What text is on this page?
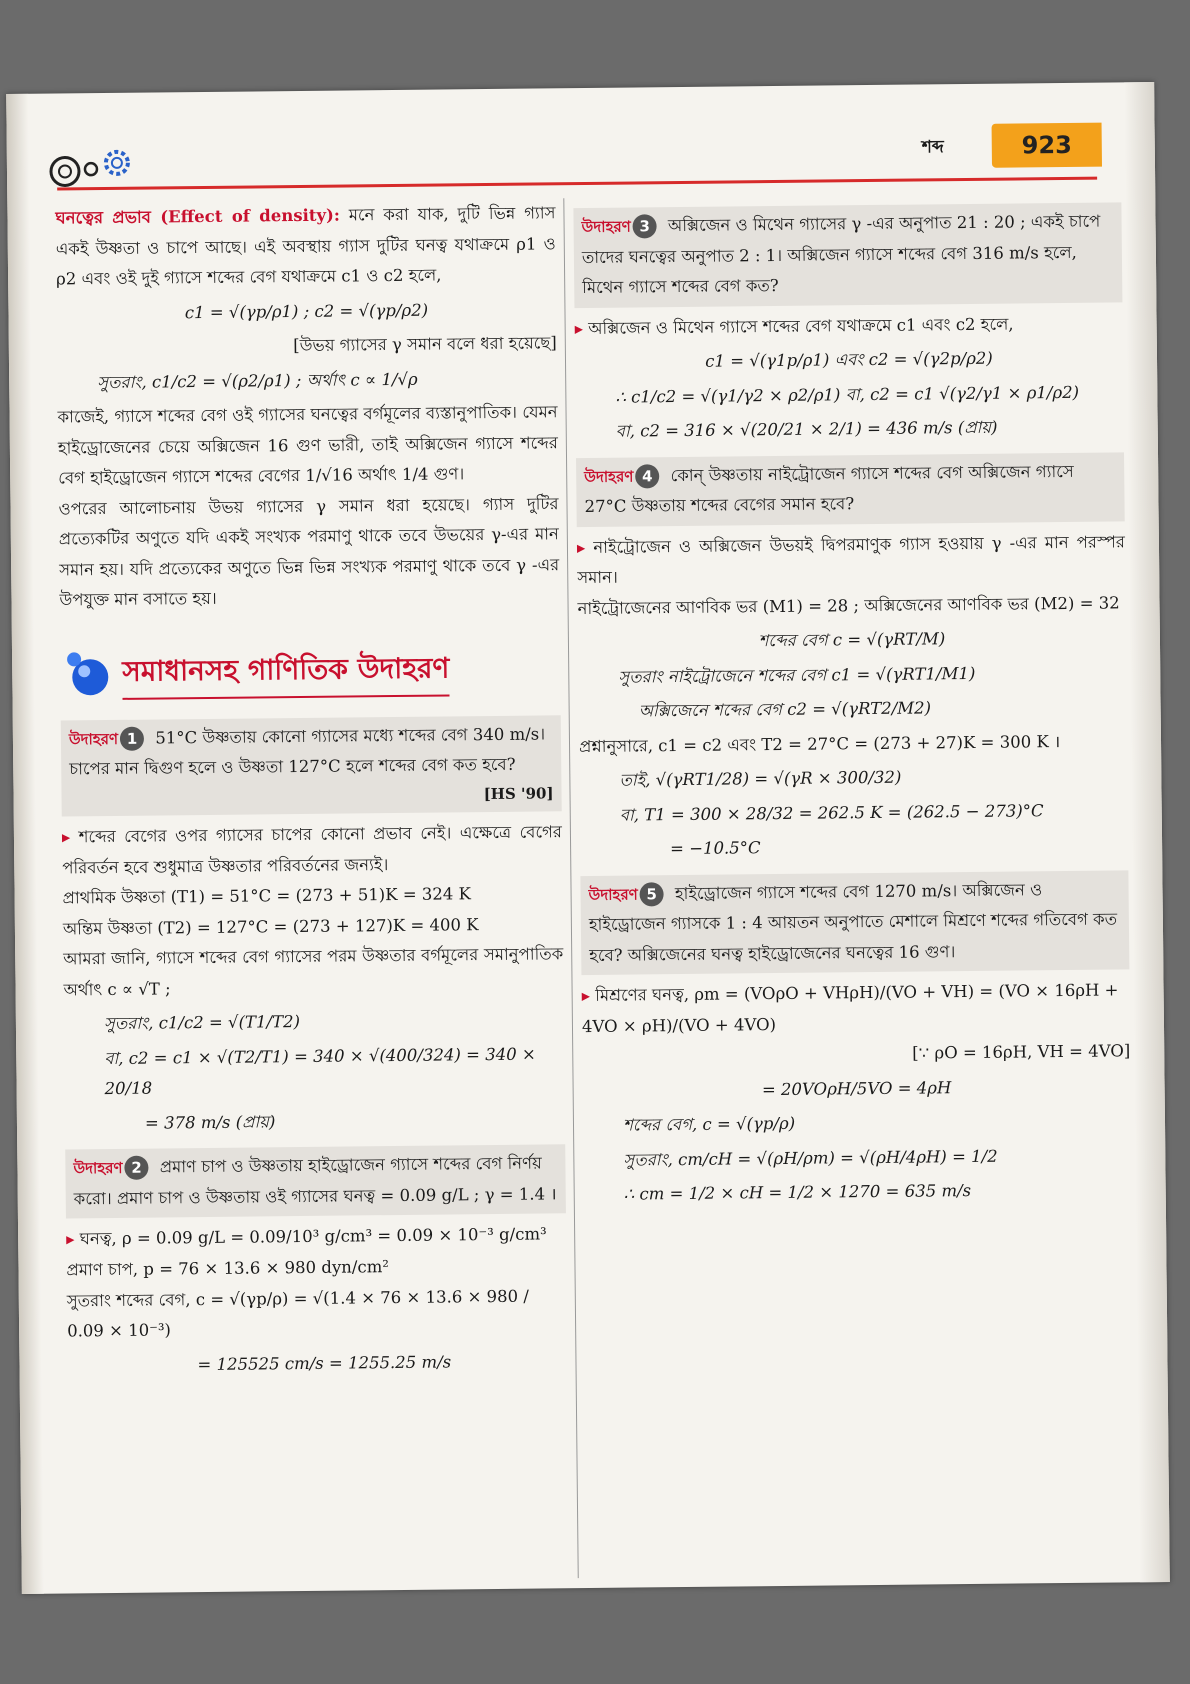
শব্দ	923

ঘনত্বের প্রভাব (Effect of density): মনে করা যাক, দুটি ভিন্ন গ্যাস একই উষ্ণতা ও চাপে আছে। এই অবস্থায় গ্যাস দুটির ঘনত্ব যথাক্রমে ρ1 ও ρ2 এবং ওই দুই গ্যাসে শব্দের বেগ যথাক্রমে c1 ও c2 হলে,

c1 = √(γp/ρ1) ; c2 = √(γp/ρ2)

[উভয় গ্যাসের γ সমান বলে ধরা হয়েছে]

সুতরাং, c1/c2 = √(ρ2/ρ1) ; অর্থাৎ c ∝ 1/√ρ

কাজেই, গ্যাসে শব্দের বেগ ওই গ্যাসের ঘনত্বের বর্গমূলের ব্যস্তানুপাতিক। যেমন হাইড্রোজেনের চেয়ে অক্সিজেন 16 গুণ ভারী, তাই অক্সিজেন গ্যাসে শব্দের বেগ হাইড্রোজেন গ্যাসে শব্দের বেগের 1/√16 অর্থাৎ 1/4 গুণ।

ওপরের আলোচনায় উভয় গ্যাসের γ সমান ধরা হয়েছে। গ্যাস দুটির প্রত্যেকটির অণুতে যদি একই সংখ্যক পরমাণু থাকে তবে উভয়ের γ-এর মান সমান হয়। যদি প্রত্যেকের অণুতে ভিন্ন ভিন্ন সংখ্যক পরমাণু থাকে তবে γ -এর উপযুক্ত মান বসাতে হয়।

সমাধানসহ গাণিতিক উদাহরণ
উদাহরণ 1 51°C উষ্ণতায় কোনো গ্যাসের মধ্যে শব্দের বেগ 340 m/s। চাপের মান দ্বিগুণ হলে ও উষ্ণতা 127°C হলে শব্দের বেগ কত হবে?
[HS '90]

▸ শব্দের বেগের ওপর গ্যাসের চাপের কোনো প্রভাব নেই। এক্ষেত্রে বেগের পরিবর্তন হবে শুধুমাত্র উষ্ণতার পরিবর্তনের জন্যই।

প্রাথমিক উষ্ণতা (T1) = 51°C = (273 + 51)K = 324 K

অন্তিম উষ্ণতা (T2) = 127°C = (273 + 127)K = 400 K

আমরা জানি, গ্যাসে শব্দের বেগ গ্যাসের পরম উষ্ণতার বর্গমূলের সমানুপাতিক অর্থাৎ c ∝ √T ;

সুতরাং, c1/c2 = √(T1/T2)

বা, c2 = c1 × √(T2/T1) = 340 × √(400/324) = 340 × 20/18

= 378 m/s (প্রায়)

উদাহরণ 2 প্রমাণ চাপ ও উষ্ণতায় হাইড্রোজেন গ্যাসে শব্দের বেগ নির্ণয় করো। প্রমাণ চাপ ও উষ্ণতায় ওই গ্যাসের ঘনত্ব = 0.09 g/L ; γ = 1.4 ।

▸ ঘনত্ব, ρ = 0.09 g/L = 0.09/10³ g/cm³ = 0.09 × 10⁻³ g/cm³

প্রমাণ চাপ, p = 76 × 13.6 × 980 dyn/cm²

সুতরাং শব্দের বেগ, c = √(γp/ρ) = √(1.4 × 76 × 13.6 × 980 / 0.09 × 10⁻³)

= 125525 cm/s = 1255.25 m/s

উদাহরণ 3 অক্সিজেন ও মিথেন গ্যাসের γ -এর অনুপাত 21 : 20 ; একই চাপে তাদের ঘনত্বের অনুপাত 2 : 1। অক্সিজেন গ্যাসে শব্দের বেগ 316 m/s হলে, মিথেন গ্যাসে শব্দের বেগ কত?

▸ অক্সিজেন ও মিথেন গ্যাসে শব্দের বেগ যথাক্রমে c1 এবং c2 হলে,

c1 = √(γ1p/ρ1) এবং c2 = √(γ2p/ρ2)

∴ c1/c2 = √(γ1/γ2 × ρ2/ρ1) বা, c2 = c1 √(γ2/γ1 × ρ1/ρ2)

বা, c2 = 316 × √(20/21 × 2/1) = 436 m/s (প্রায়)

উদাহরণ 4 কোন্ উষ্ণতায় নাইট্রোজেন গ্যাসে শব্দের বেগ অক্সিজেন গ্যাসে 27°C উষ্ণতায় শব্দের বেগের সমান হবে?

▸ নাইট্রোজেন ও অক্সিজেন উভয়ই দ্বিপরমাণুক গ্যাস হওয়ায় γ -এর মান পরস্পর সমান।

নাইট্রোজেনের আণবিক ভর (M1) = 28 ; অক্সিজেনের আণবিক ভর (M2) = 32

শব্দের বেগ c = √(γRT/M)

সুতরাং নাইট্রোজেনে শব্দের বেগ c1 = √(γRT1/M1)

অক্সিজেনে শব্দের বেগ c2 = √(γRT2/M2)

প্রশ্নানুসারে, c1 = c2 এবং T2 = 27°C = (273 + 27)K = 300 K ।

তাই, √(γRT1/28) = √(γR × 300/32)

বা, T1 = 300 × 28/32 = 262.5 K = (262.5 − 273)°C

= −10.5°C

উদাহরণ 5 হাইড্রোজেন গ্যাসে শব্দের বেগ 1270 m/s। অক্সিজেন ও হাইড্রোজেন গ্যাসকে 1 : 4 আয়তন অনুপাতে মেশালে মিশ্রণে শব্দের গতিবেগ কত হবে? অক্সিজেনের ঘনত্ব হাইড্রোজেনের ঘনত্বের 16 গুণ।

▸ মিশ্রণের ঘনত্ব, ρm = (VOρO + VHρH)/(VO + VH) = (VO × 16ρH + 4VO × ρH)/(VO + 4VO)

[∵ ρO = 16ρH, VH = 4VO]

= 20VOρH/5VO = 4ρH

শব্দের বেগ, c = √(γp/ρ)

সুতরাং, cm/cH = √(ρH/ρm) = √(ρH/4ρH) = 1/2

∴ cm = 1/2 × cH = 1/2 × 1270 = 635 m/s
